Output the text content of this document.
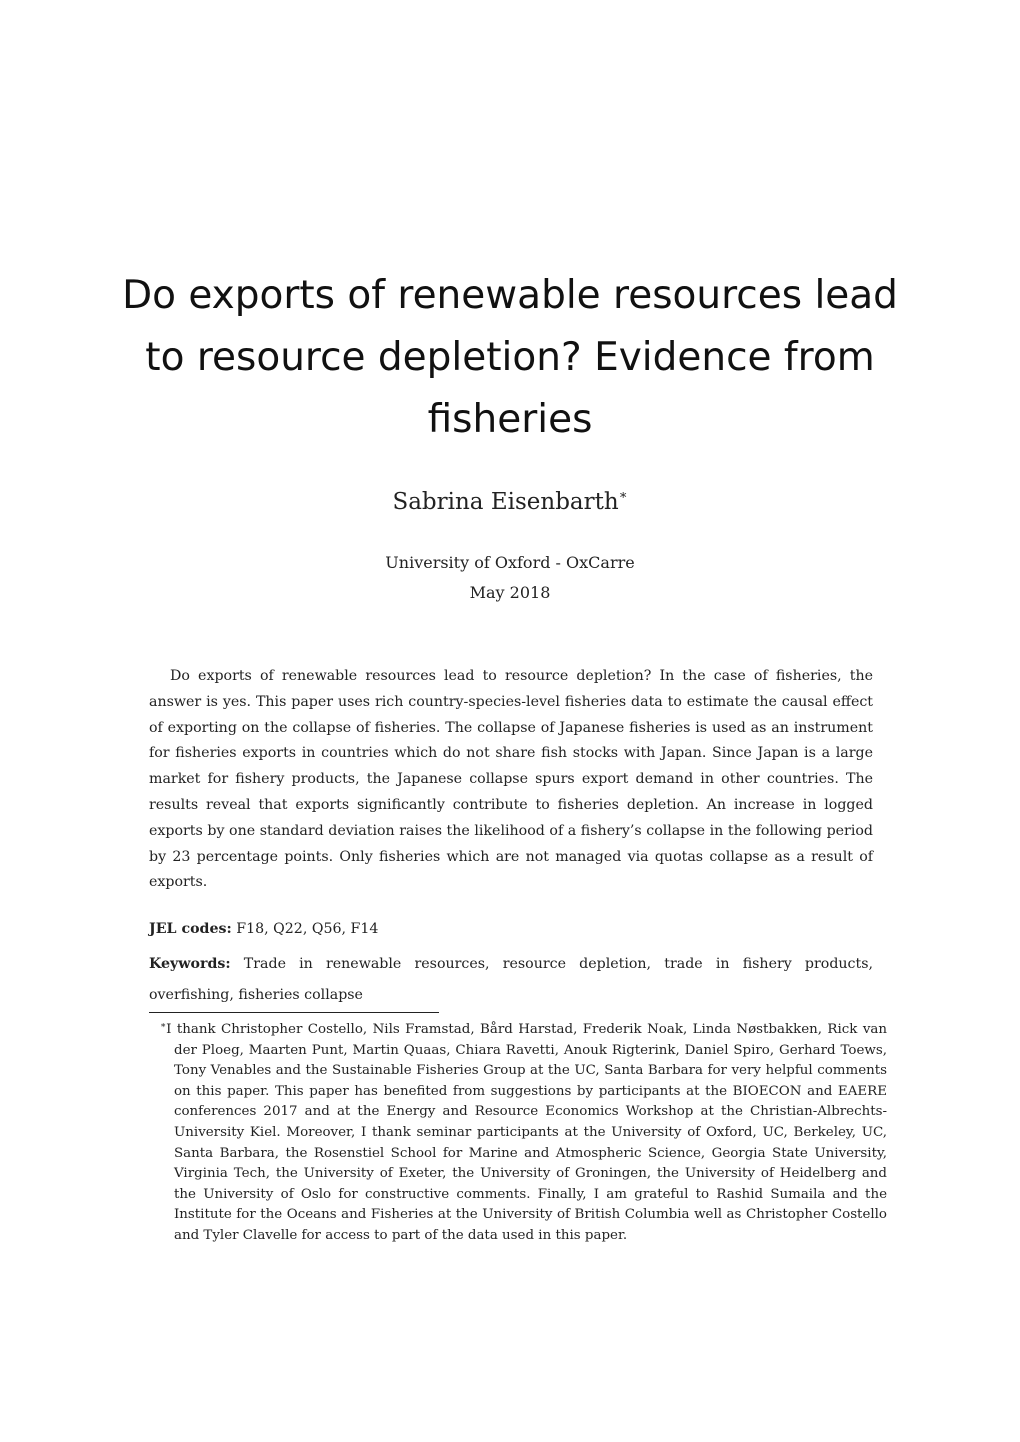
Do exports of renewable resources lead to resource depletion? Evidence from fisheries
Sabrina Eisenbarth∗
University of Oxford - OxCarre
May 2018

Do exports of renewable resources lead to resource depletion? In the case of fisheries, the answer is yes. This paper uses rich country-species-level fisheries data to estimate the causal effect of exporting on the collapse of fisheries. The collapse of Japanese fisheries is used as an instrument for fisheries exports in countries which do not share fish stocks with Japan. Since Japan is a large market for fishery products, the Japanese collapse spurs export demand in other countries. The results reveal that exports significantly contribute to fisheries depletion. An increase in logged exports by one standard deviation raises the likelihood of a fishery’s collapse in the following period by 23 percentage points. Only fisheries which are not managed via quotas collapse as a result of exports.

JEL codes: F18, Q22, Q56, F14

Keywords: Trade in renewable resources, resource depletion, trade in fishery products, overfishing, fisheries collapse

∗I thank Christopher Costello, Nils Framstad, Bård Harstad, Frederik Noak, Linda Nøstbakken, Rick van der Ploeg, Maarten Punt, Martin Quaas, Chiara Ravetti, Anouk Rigterink, Daniel Spiro, Gerhard Toews, Tony Venables and the Sustainable Fisheries Group at the UC, Santa Barbara for very helpful comments on this paper. This paper has benefited from suggestions by participants at the BIOECON and EAERE conferences 2017 and at the Energy and Resource Economics Workshop at the Christian-Albrechts-University Kiel. Moreover, I thank seminar participants at the University of Oxford, UC, Berkeley, UC, Santa Barbara, the Rosenstiel School for Marine and Atmospheric Science, Georgia State University, Virginia Tech, the University of Exeter, the University of Groningen, the University of Heidelberg and the University of Oslo for constructive comments. Finally, I am grateful to Rashid Sumaila and the Institute for the Oceans and Fisheries at the University of British Columbia well as Christopher Costello and Tyler Clavelle for access to part of the data used in this paper.
